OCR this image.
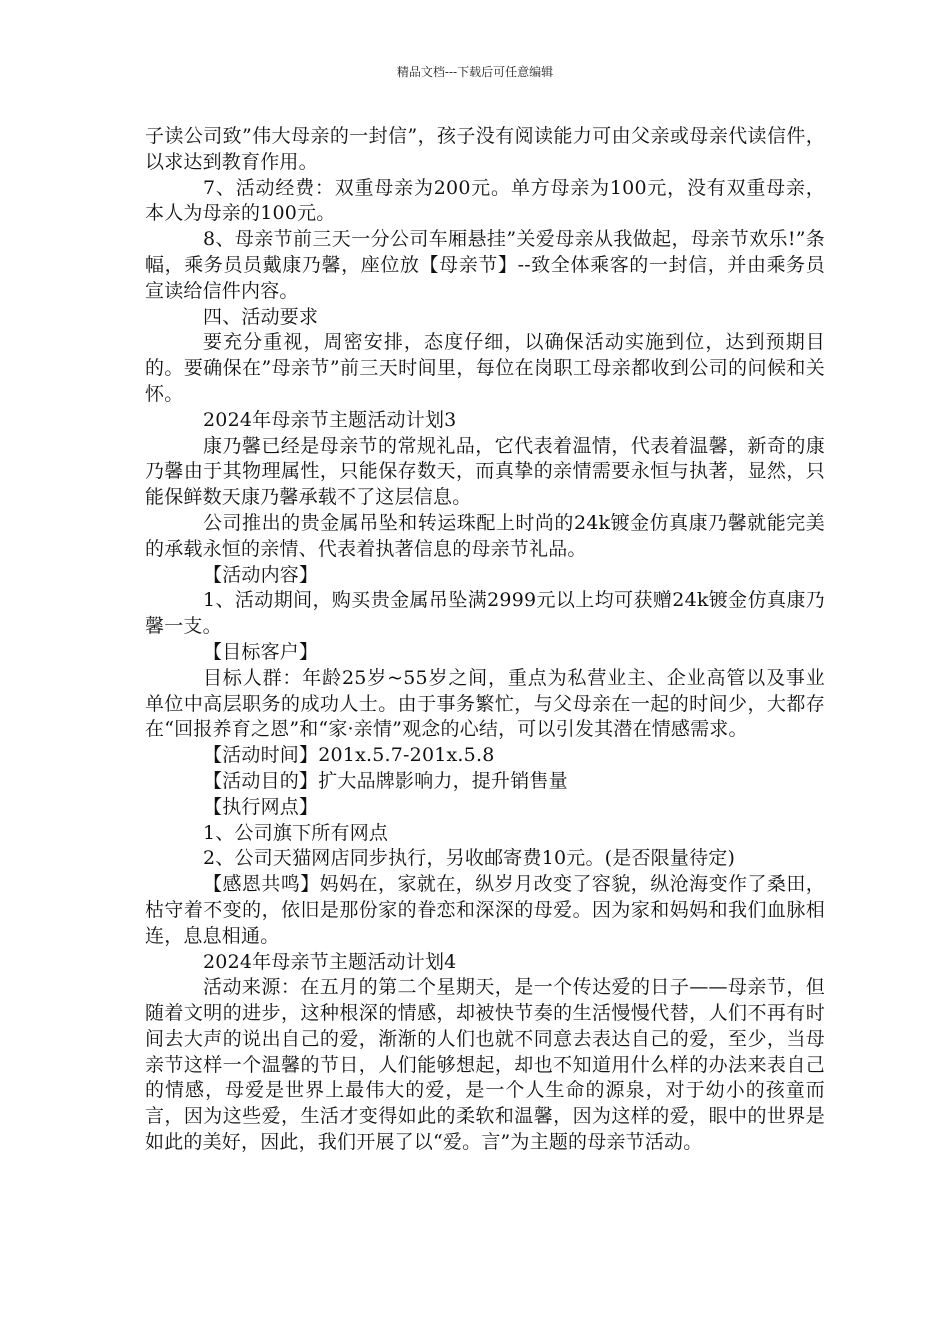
精品文档---下载后可任意编辑

子读公司致”伟大母亲的一封信”，孩子没有阅读能力可由父亲或母亲代读信件，以求达到教育作用。

7、活动经费：双重母亲为200元。单方母亲为100元，没有双重母亲，本人为母亲的100元。

8、母亲节前三天一分公司车厢悬挂”关爱母亲从我做起，母亲节欢乐!”条幅，乘务员员戴康乃馨，座位放【母亲节】--致全体乘客的一封信，并由乘务员宣读给信件内容。

四、活动要求

要充分重视，周密安排，态度仔细，以确保活动实施到位，达到预期目的。要确保在”母亲节”前三天时间里，每位在岗职工母亲都收到公司的问候和关怀。

2024年母亲节主题活动计划3

康乃馨已经是母亲节的常规礼品，它代表着温情，代表着温馨，新奇的康乃馨由于其物理属性，只能保存数天，而真挚的亲情需要永恒与执著，显然，只能保鲜数天康乃馨承载不了这层信息。

公司推出的贵金属吊坠和转运珠配上时尚的24k镀金仿真康乃馨就能完美的承载永恒的亲情、代表着执著信息的母亲节礼品。

【活动内容】

1、活动期间，购买贵金属吊坠满2999元以上均可获赠24k镀金仿真康乃馨一支。

【目标客户】

目标人群：年龄25岁~55岁之间，重点为私营业主、企业高管以及事业单位中高层职务的成功人士。由于事务繁忙，与父母亲在一起的时间少，大都存在“回报养育之恩”和“家·亲情”观念的心结，可以引发其潜在情感需求。

【活动时间】201x.5.7-201x.5.8

【活动目的】扩大品牌影响力，提升销售量

【执行网点】

1、公司旗下所有网点

2、公司天猫网店同步执行，另收邮寄费10元。(是否限量待定)

【感恩共鸣】妈妈在，家就在，纵岁月改变了容貌，纵沧海变作了桑田，枯守着不变的，依旧是那份家的眷恋和深深的母爱。因为家和妈妈和我们血脉相连，息息相通。

2024年母亲节主题活动计划4

活动来源：在五月的第二个星期天，是一个传达爱的日子——母亲节，但随着文明的进步，这种根深的情感，却被快节奏的生活慢慢代替，人们不再有时间去大声的说出自己的爱，渐渐的人们也就不同意去表达自己的爱，至少，当母亲节这样一个温馨的节日，人们能够想起，却也不知道用什么样的办法来表自己的情感，母爱是世界上最伟大的爱，是一个人生命的源泉，对于幼小的孩童而言，因为这些爱，生活才变得如此的柔软和温馨，因为这样的爱，眼中的世界是如此的美好，因此，我们开展了以“爱。言”为主题的母亲节活动。
